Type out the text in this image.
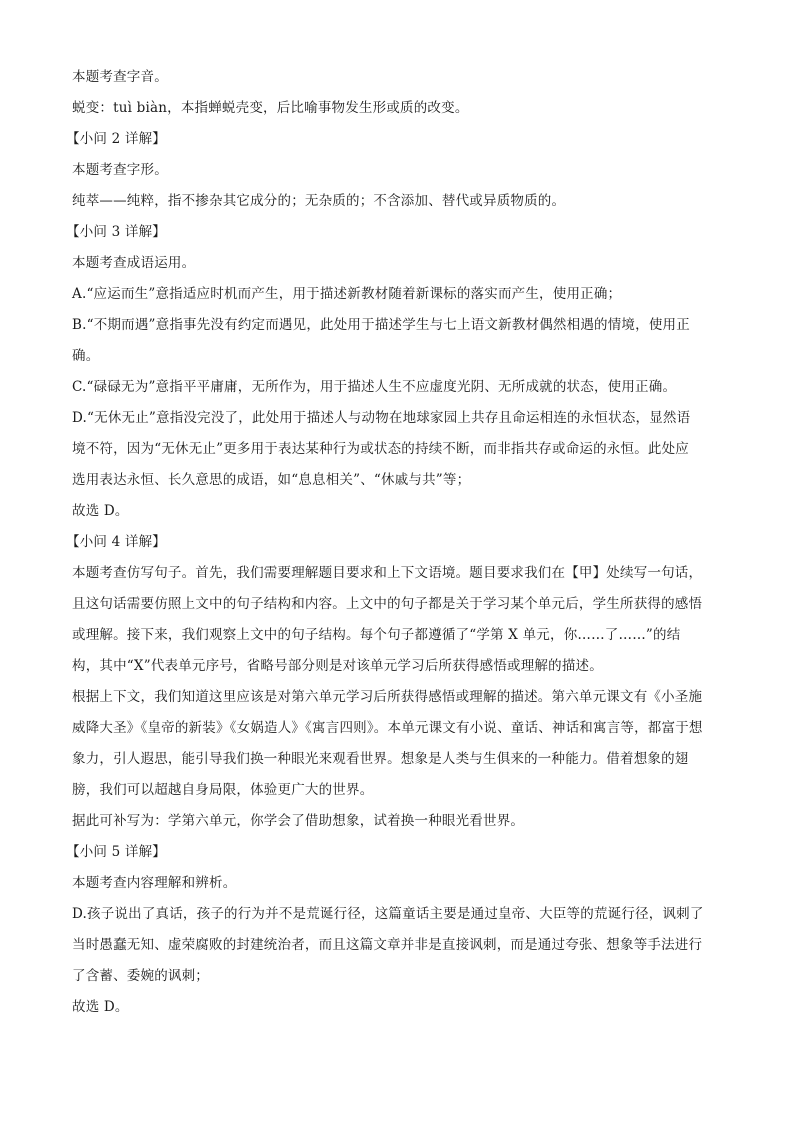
本题考查字音。
蜕变：tuì biàn，本指蝉蜕壳变，后比喻事物发生形或质的改变。
【小问 2 详解】
本题考查字形。
纯萃——纯粹，指不掺杂其它成分的；无杂质的；不含添加、替代或异质物质的。
【小问 3 详解】
本题考查成语运用。
A.“应运而生”意指适应时机而产生，用于描述新教材随着新课标的落实而产生，使用正确；
B.“不期而遇”意指事先没有约定而遇见，此处用于描述学生与七上语文新教材偶然相遇的情境，使用正
确。
C.“碌碌无为”意指平平庸庸，无所作为，用于描述人生不应虚度光阴、无所成就的状态，使用正确。
D.“无休无止”意指没完没了，此处用于描述人与动物在地球家园上共存且命运相连的永恒状态，显然语
境不符，因为“无休无止”更多用于表达某种行为或状态的持续不断，而非指共存或命运的永恒。此处应
选用表达永恒、长久意思的成语，如“息息相关”、“休戚与共”等；
故选 D。
【小问 4 详解】
本题考查仿写句子。首先，我们需要理解题目要求和上下文语境。题目要求我们在【甲】处续写一句话，
且这句话需要仿照上文中的句子结构和内容。上文中的句子都是关于学习某个单元后，学生所获得的感悟
或理解。接下来，我们观察上文中的句子结构。每个句子都遵循了“学第 X 单元，你……了……”的结
构，其中“X”代表单元序号，省略号部分则是对该单元学习后所获得感悟或理解的描述。
根据上下文，我们知道这里应该是对第六单元学习后所获得感悟或理解的描述。第六单元课文有《小圣施
威降大圣》《皇帝的新装》《女娲造人》《寓言四则》。本单元课文有小说、童话、神话和寓言等，都富于想
象力，引人遐思，能引导我们换一种眼光来观看世界。想象是人类与生俱来的一种能力。借着想象的翅
膀，我们可以超越自身局限，体验更广大的世界。
据此可补写为：学第六单元，你学会了借助想象，试着换一种眼光看世界。
【小问 5 详解】
本题考查内容理解和辨析。
D.孩子说出了真话，孩子的行为并不是荒诞行径，这篇童话主要是通过皇帝、大臣等的荒诞行径，讽刺了
当时愚蠢无知、虚荣腐败的封建统治者，而且这篇文章并非是直接讽刺，而是通过夸张、想象等手法进行
了含蓄、委婉的讽刺；
故选 D。
